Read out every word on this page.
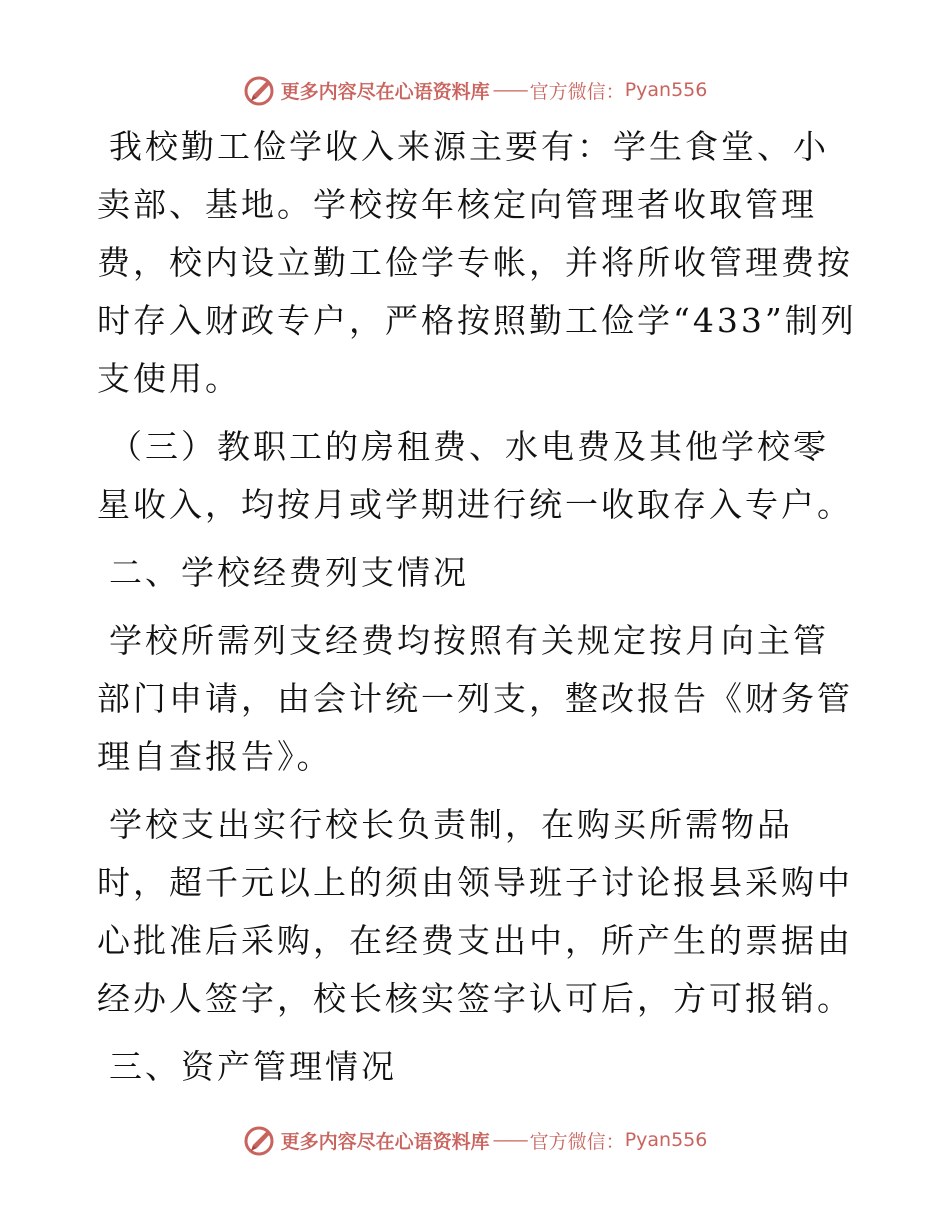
更多内容尽在心语资料库 —— 官方微信： Pyan556

我校勤工俭学收入来源主要有：学生食堂、小卖部、基地。学校按年核定向管理者收取管理费，校内设立勤工俭学专帐，并将所收管理费按时存入财政专户，严格按照勤工俭学“433”制列支使用。

（三）教职工的房租费、水电费及其他学校零星收入，均按月或学期进行统一收取存入专户。

二、学校经费列支情况

学校所需列支经费均按照有关规定按月向主管部门申请，由会计统一列支，整改报告《财务管理自查报告》。

学校支出实行校长负责制，在购买所需物品时，超千元以上的须由领导班子讨论报县采购中心批准后采购，在经费支出中，所产生的票据由经办人签字，校长核实签字认可后，方可报销。

三、资产管理情况

更多内容尽在心语资料库 —— 官方微信： Pyan556
